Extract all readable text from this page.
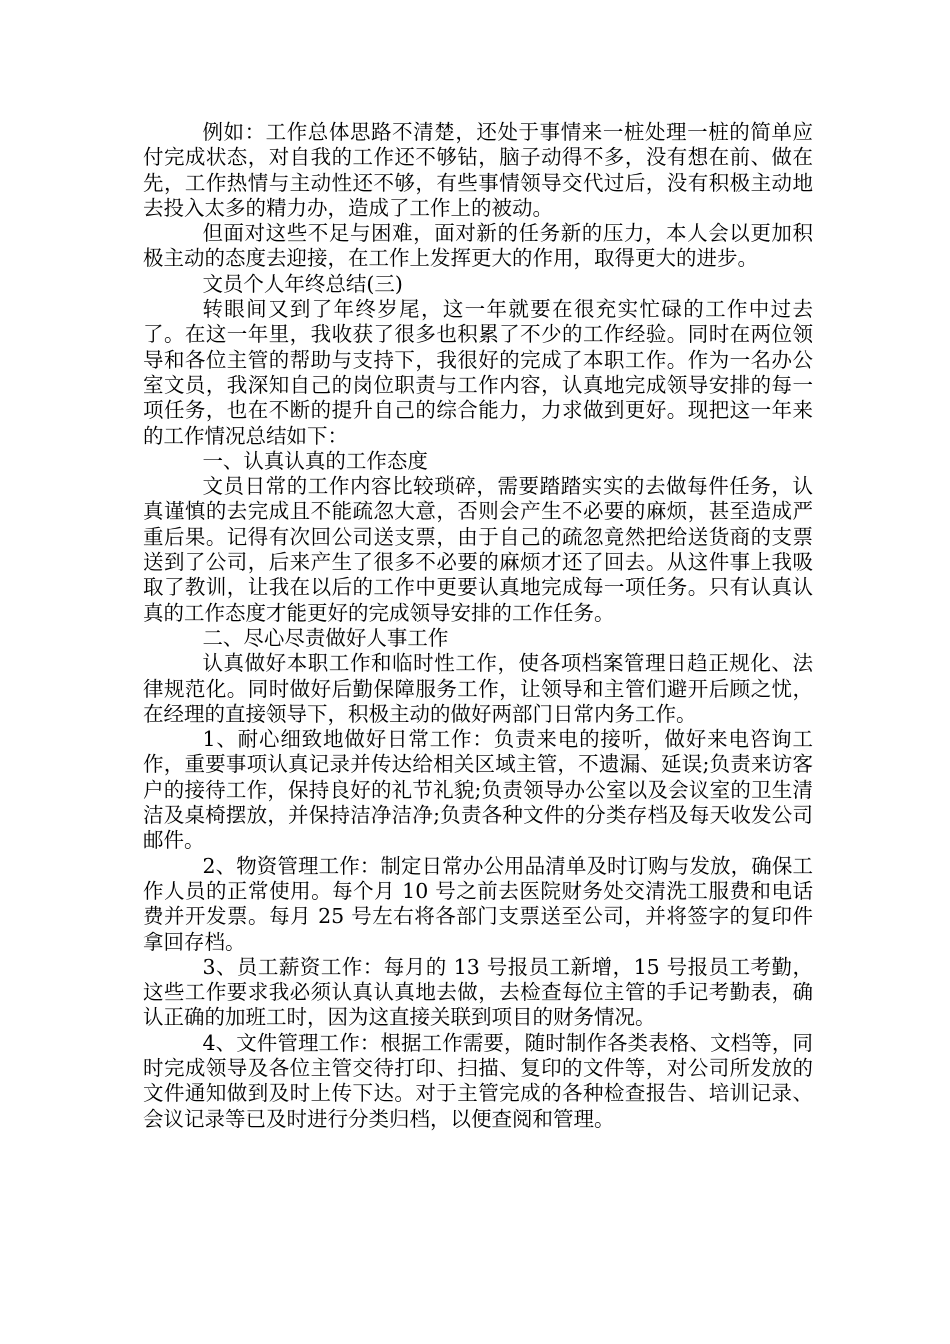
例如：工作总体思路不清楚，还处于事情来一桩处理一桩的简单应付完成状态，对自我的工作还不够钻，脑子动得不多，没有想在前、做在先，工作热情与主动性还不够，有些事情领导交代过后，没有积极主动地去投入太多的精力办，造成了工作上的被动。

但面对这些不足与困难，面对新的任务新的压力，本人会以更加积极主动的态度去迎接，在工作上发挥更大的作用，取得更大的进步。

文员个人年终总结(三)

转眼间又到了年终岁尾，这一年就要在很充实忙碌的工作中过去了。在这一年里，我收获了很多也积累了不少的工作经验。同时在两位领导和各位主管的帮助与支持下，我很好的完成了本职工作。作为一名办公室文员，我深知自己的岗位职责与工作内容，认真地完成领导安排的每一项任务，也在不断的提升自己的综合能力，力求做到更好。现把这一年来的工作情况总结如下：

一、认真认真的工作态度

文员日常的工作内容比较琐碎，需要踏踏实实的去做每件任务，认真谨慎的去完成且不能疏忽大意，否则会产生不必要的麻烦，甚至造成严重后果。记得有次回公司送支票，由于自己的疏忽竟然把给送货商的支票送到了公司，后来产生了很多不必要的麻烦才还了回去。从这件事上我吸取了教训，让我在以后的工作中更要认真地完成每一项任务。只有认真认真的工作态度才能更好的完成领导安排的工作任务。

二、尽心尽责做好人事工作

认真做好本职工作和临时性工作，使各项档案管理日趋正规化、法律规范化。同时做好后勤保障服务工作，让领导和主管们避开后顾之忧，在经理的直接领导下，积极主动的做好两部门日常内务工作。

1、耐心细致地做好日常工作：负责来电的接听，做好来电咨询工作，重要事项认真记录并传达给相关区域主管，不遗漏、延误;负责来访客户的接待工作，保持良好的礼节礼貌;负责领导办公室以及会议室的卫生清洁及桌椅摆放，并保持洁净洁净;负责各种文件的分类存档及每天收发公司邮件。

2、物资管理工作：制定日常办公用品清单及时订购与发放，确保工作人员的正常使用。每个月 10 号之前去医院财务处交清洗工服费和电话费并开发票。每月 25 号左右将各部门支票送至公司，并将签字的复印件拿回存档。

3、员工薪资工作：每月的 13 号报员工新增，15 号报员工考勤，这些工作要求我必须认真认真地去做，去检查每位主管的手记考勤表，确认正确的加班工时，因为这直接关联到项目的财务情况。

4、文件管理工作：根据工作需要，随时制作各类表格、文档等，同时完成领导及各位主管交待打印、扫描、复印的文件等，对公司所发放的文件通知做到及时上传下达。对于主管完成的各种检查报告、培训记录、会议记录等已及时进行分类归档，以便查阅和管理。
